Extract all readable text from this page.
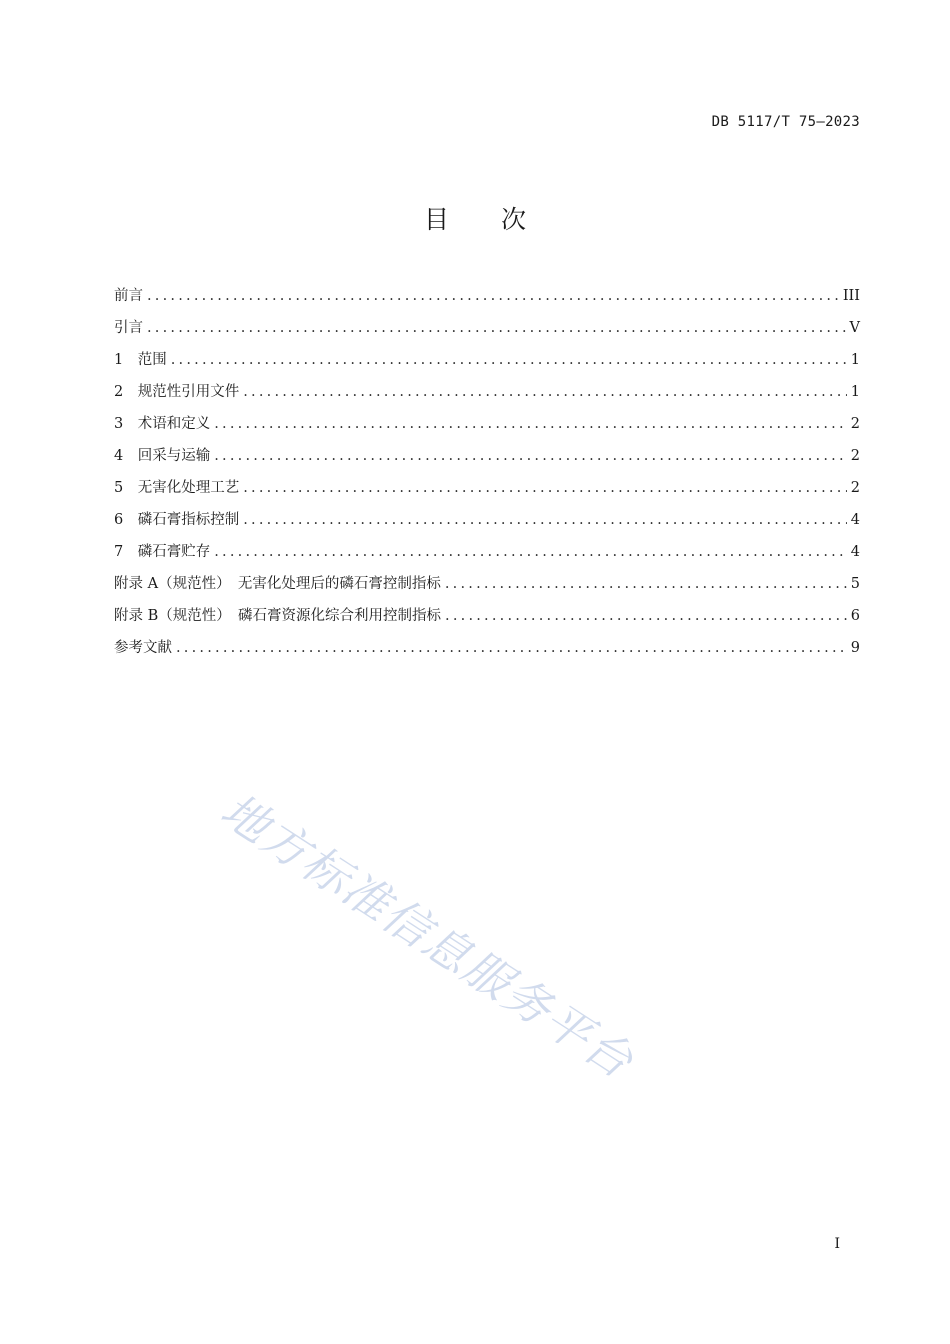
DB 5117/T 75—2023
目次
前言 .....	III
引言 .....	V
1　范围 .....	1
2　规范性引用文件 .....	1
3　术语和定义 .....	2
4　回采与运输 .....	2
5　无害化处理工艺 .....	2
6　磷石膏指标控制 .....	4
7　磷石膏贮存 .....	4
附录 A（规范性）　无害化处理后的磷石膏控制指标 .....	5
附录 B（规范性）　磷石膏资源化综合利用控制指标 .....	6
参考文献 .....	9
地方标准信息服务平台
I
